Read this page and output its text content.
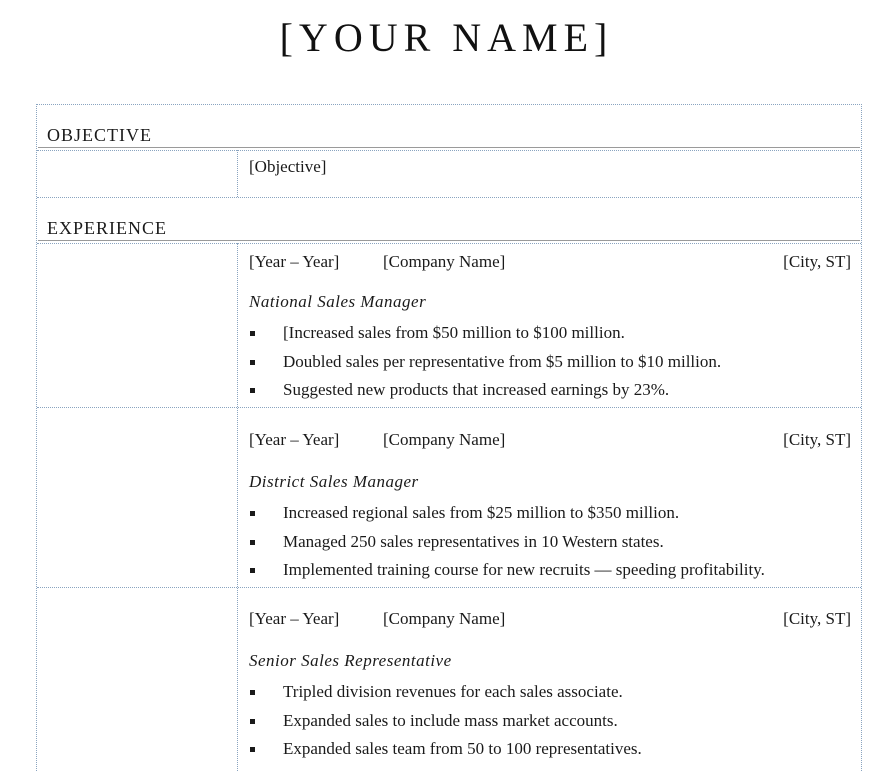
[YOUR NAME]
OBJECTIVE
[Objective]
EXPERIENCE
[Year – Year]	[Company Name]	[City, ST]
National Sales Manager
[Increased sales from $50 million to $100 million.
Doubled sales per representative from $5 million to $10 million.
Suggested new products that increased earnings by 23%.
[Year – Year]	[Company Name]	[City, ST]
District Sales Manager
Increased regional sales from $25 million to $350 million.
Managed 250 sales representatives in 10 Western states.
Implemented training course for new recruits — speeding profitability.
[Year – Year]	[Company Name]	[City, ST]
Senior Sales Representative
Tripled division revenues for each sales associate.
Expanded sales to include mass market accounts.
Expanded sales team from 50 to 100 representatives.
